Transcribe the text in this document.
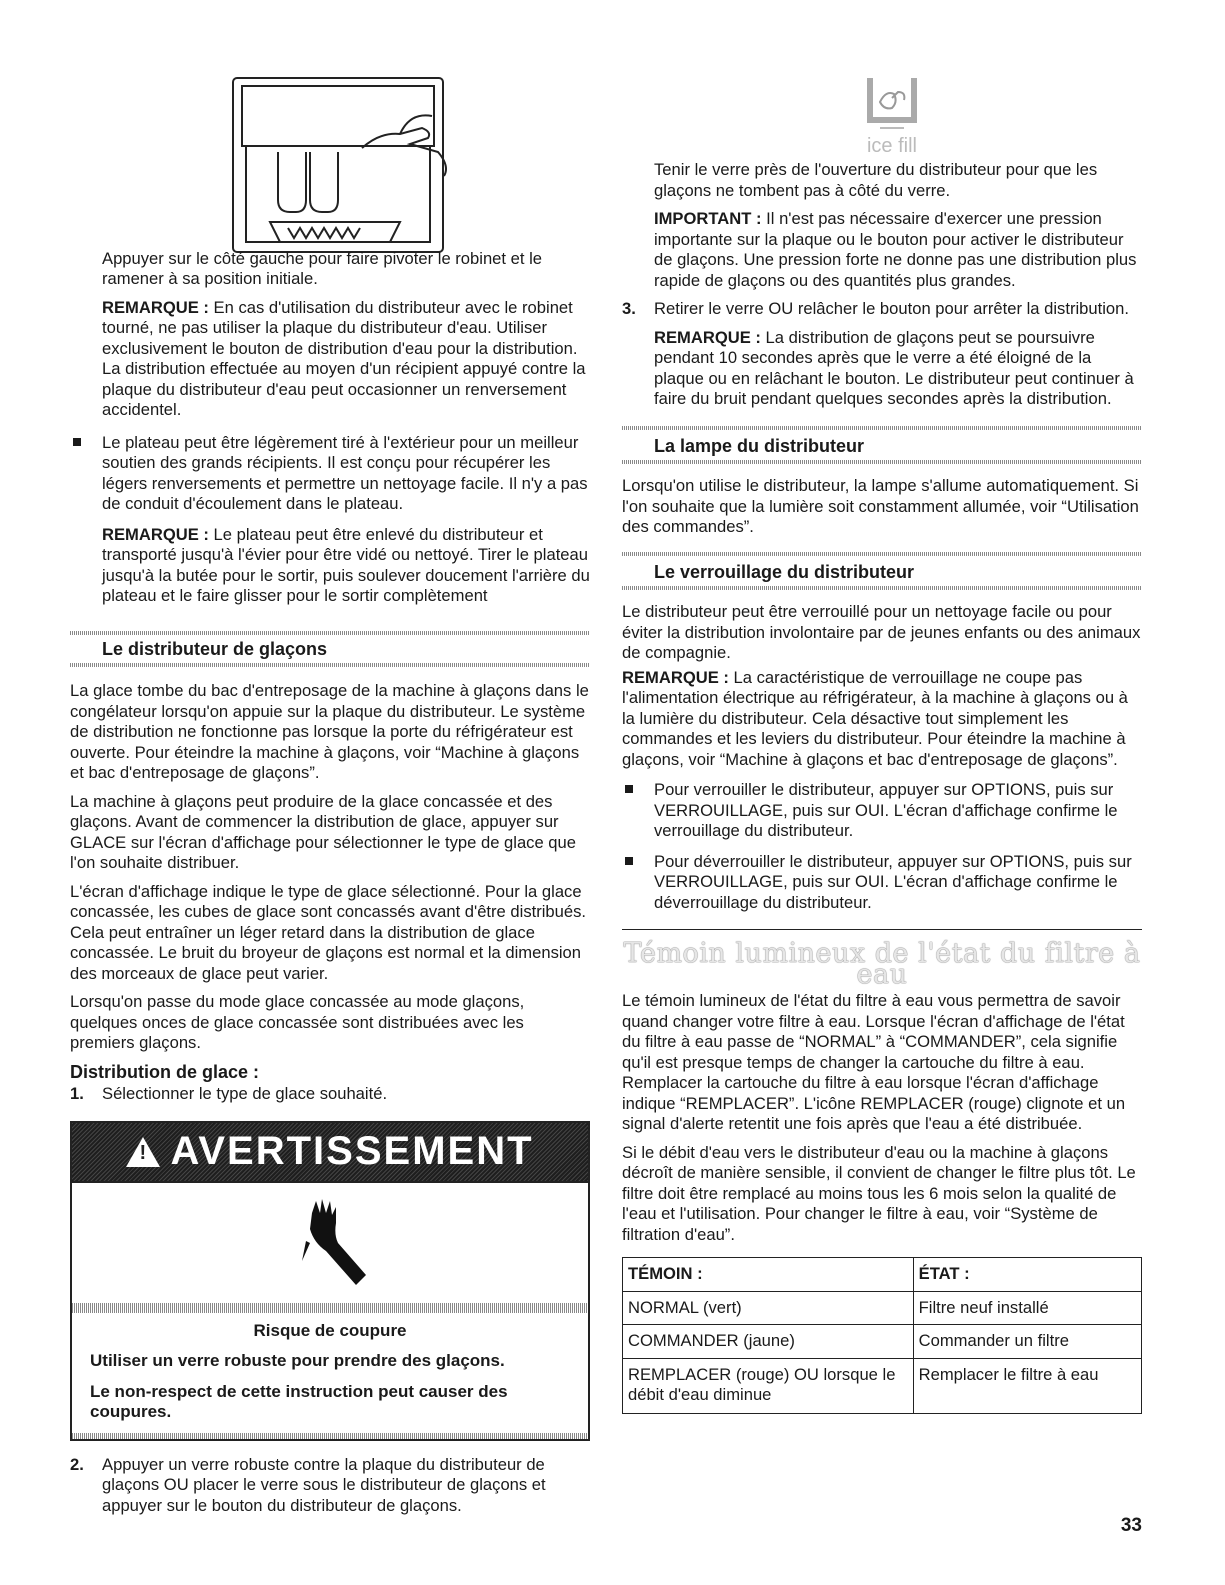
Appuyer sur le côté gauche pour faire pivoter le robinet et le ramener à sa position initiale.

REMARQUE : En cas d'utilisation du distributeur avec le robinet tourné, ne pas utiliser la plaque du distributeur d'eau. Utiliser exclusivement le bouton de distribution d'eau pour la distribution. La distribution effectuée au moyen d'un récipient appuyé contre la plaque du distributeur d'eau peut occasionner un renversement accidentel.

Le plateau peut être légèrement tiré à l'extérieur pour un meilleur soutien des grands récipients. Il est conçu pour récupérer les légers renversements et permettre un nettoyage facile. Il n'y a pas de conduit d'écoulement dans le plateau.

REMARQUE : Le plateau peut être enlevé du distributeur et transporté jusqu'à l'évier pour être vidé ou nettoyé. Tirer le plateau jusqu'à la butée pour le sortir, puis soulever doucement l'arrière du plateau et le faire glisser pour le sortir complètement

Le distributeur de glaçons

La glace tombe du bac d'entreposage de la machine à glaçons dans le congélateur lorsqu'on appuie sur la plaque du distributeur. Le système de distribution ne fonctionne pas lorsque la porte du réfrigérateur est ouverte. Pour éteindre la machine à glaçons, voir “Machine à glaçons et bac d'entreposage de glaçons”.

La machine à glaçons peut produire de la glace concassée et des glaçons. Avant de commencer la distribution de glace, appuyer sur GLACE sur l'écran d'affichage pour sélectionner le type de glace que l'on souhaite distribuer.

L'écran d'affichage indique le type de glace sélectionné. Pour la glace concassée, les cubes de glace sont concassés avant d'être distribués. Cela peut entraîner un léger retard dans la distribution de glace concassée. Le bruit du broyeur de glaçons est normal et la dimension des morceaux de glace peut varier.

Lorsqu'on passe du mode glace concassée au mode glaçons, quelques onces de glace concassée sont distribuées avec les premiers glaçons.

Distribution de glace :

1. Sélectionner le type de glace souhaité.

! AVERTISSEMENT

Risque de coupure

Utiliser un verre robuste pour prendre des glaçons.

Le non-respect de cette instruction peut causer des coupures.

2. Appuyer un verre robuste contre la plaque du distributeur de glaçons OU placer le verre sous le distributeur de glaçons et appuyer sur le bouton du distributeur de glaçons.

ice fill

Tenir le verre près de l'ouverture du distributeur pour que les glaçons ne tombent pas à côté du verre.

IMPORTANT : Il n'est pas nécessaire d'exercer une pression importante sur la plaque ou le bouton pour activer le distributeur de glaçons. Une pression forte ne donne pas une distribution plus rapide de glaçons ou des quantités plus grandes.

3. Retirer le verre OU relâcher le bouton pour arrêter la distribution.

REMARQUE : La distribution de glaçons peut se poursuivre pendant 10 secondes après que le verre a été éloigné de la plaque ou en relâchant le bouton. Le distributeur peut continuer à faire du bruit pendant quelques secondes après la distribution.

La lampe du distributeur

Lorsqu'on utilise le distributeur, la lampe s'allume automatiquement. Si l'on souhaite que la lumière soit constamment allumée, voir “Utilisation des commandes”.

Le verrouillage du distributeur

Le distributeur peut être verrouillé pour un nettoyage facile ou pour éviter la distribution involontaire par de jeunes enfants ou des animaux de compagnie.

REMARQUE : La caractéristique de verrouillage ne coupe pas l'alimentation électrique au réfrigérateur, à la machine à glaçons ou à la lumière du distributeur. Cela désactive tout simplement les commandes et les leviers du distributeur. Pour éteindre la machine à glaçons, voir “Machine à glaçons et bac d'entreposage de glaçons”.

Pour verrouiller le distributeur, appuyer sur OPTIONS, puis sur VERROUILLAGE, puis sur OUI. L'écran d'affichage confirme le verrouillage du distributeur.

Pour déverrouiller le distributeur, appuyer sur OPTIONS, puis sur VERROUILLAGE, puis sur OUI. L'écran d'affichage confirme le déverrouillage du distributeur.

Témoin lumineux de l'état du filtre à eau

Le témoin lumineux de l'état du filtre à eau vous permettra de savoir quand changer votre filtre à eau. Lorsque l'écran d'affichage de l'état du filtre à eau passe de “NORMAL” à “COMMANDER”, cela signifie qu'il est presque temps de changer la cartouche du filtre à eau. Remplacer la cartouche du filtre à eau lorsque l'écran d'affichage indique “REMPLACER”. L'icône REMPLACER (rouge) clignote et un signal d'alerte retentit une fois après que l'eau a été distribuée.

Si le débit d'eau vers le distributeur d'eau ou la machine à glaçons décroît de manière sensible, il convient de changer le filtre plus tôt. Le filtre doit être remplacé au moins tous les 6 mois selon la qualité de l'eau et l'utilisation. Pour changer le filtre à eau, voir “Système de filtration d'eau”.

TÉMOIN :	ÉTAT :
NORMAL (vert)	Filtre neuf installé
COMMANDER (jaune)	Commander un filtre
REMPLACER (rouge) OU lorsque le débit d'eau diminue	Remplacer le filtre à eau
33
